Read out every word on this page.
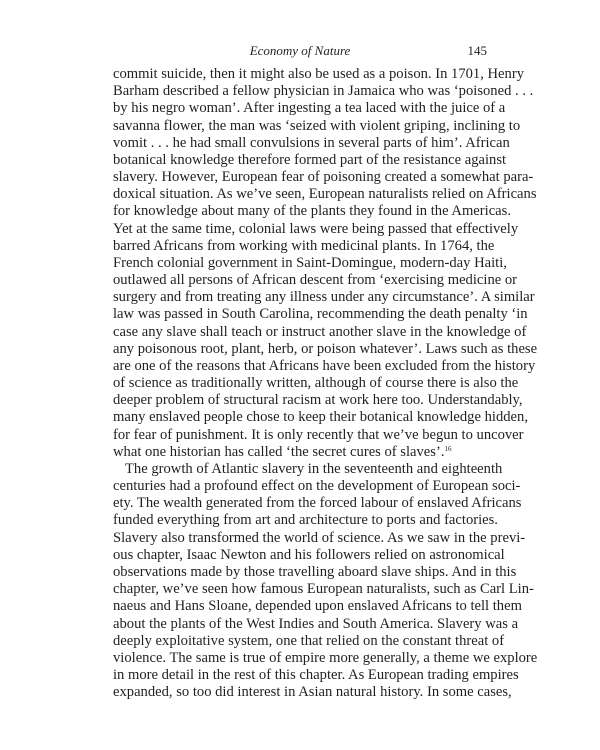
Economy of Nature	145
commit suicide, then it might also be used as a poison. In 1701, Henry
Barham described a fellow physician in Jamaica who was ‘poisoned . . .
by his negro woman’. After ingesting a tea laced with the juice of a
savanna flower, the man was ‘seized with violent griping, inclining to
vomit . . . he had small convulsions in several parts of him’. African
botanical knowledge therefore formed part of the resistance against
slavery. However, European fear of poisoning created a somewhat para-
doxical situation. As we’ve seen, European naturalists relied on Africans
for knowledge about many of the plants they found in the Americas.
Yet at the same time, colonial laws were being passed that effectively
barred Africans from working with medicinal plants. In 1764, the
French colonial government in Saint-Domingue, modern-day Haiti,
outlawed all persons of African descent from ‘exercising medicine or
surgery and from treating any illness under any circumstance’. A similar
law was passed in South Carolina, recommending the death penalty ‘in
case any slave shall teach or instruct another slave in the knowledge of
any poisonous root, plant, herb, or poison whatever’. Laws such as these
are one of the reasons that Africans have been excluded from the history
of science as traditionally written, although of course there is also the
deeper problem of structural racism at work here too. Understandably,
many enslaved people chose to keep their botanical knowledge hidden,
for fear of punishment. It is only recently that we’ve begun to uncover
what one historian has called ‘the secret cures of slaves’.$^{16}$
The growth of Atlantic slavery in the seventeenth and eighteenth
centuries had a profound effect on the development of European soci-
ety. The wealth generated from the forced labour of enslaved Africans
funded everything from art and architecture to ports and factories.
Slavery also transformed the world of science. As we saw in the previ-
ous chapter, Isaac Newton and his followers relied on astronomical
observations made by those travelling aboard slave ships. And in this
chapter, we’ve seen how famous European naturalists, such as Carl Lin-
naeus and Hans Sloane, depended upon enslaved Africans to tell them
about the plants of the West Indies and South America. Slavery was a
deeply exploitative system, one that relied on the constant threat of
violence. The same is true of empire more generally, a theme we explore
in more detail in the rest of this chapter. As European trading empires
expanded, so too did interest in Asian natural history. In some cases,
